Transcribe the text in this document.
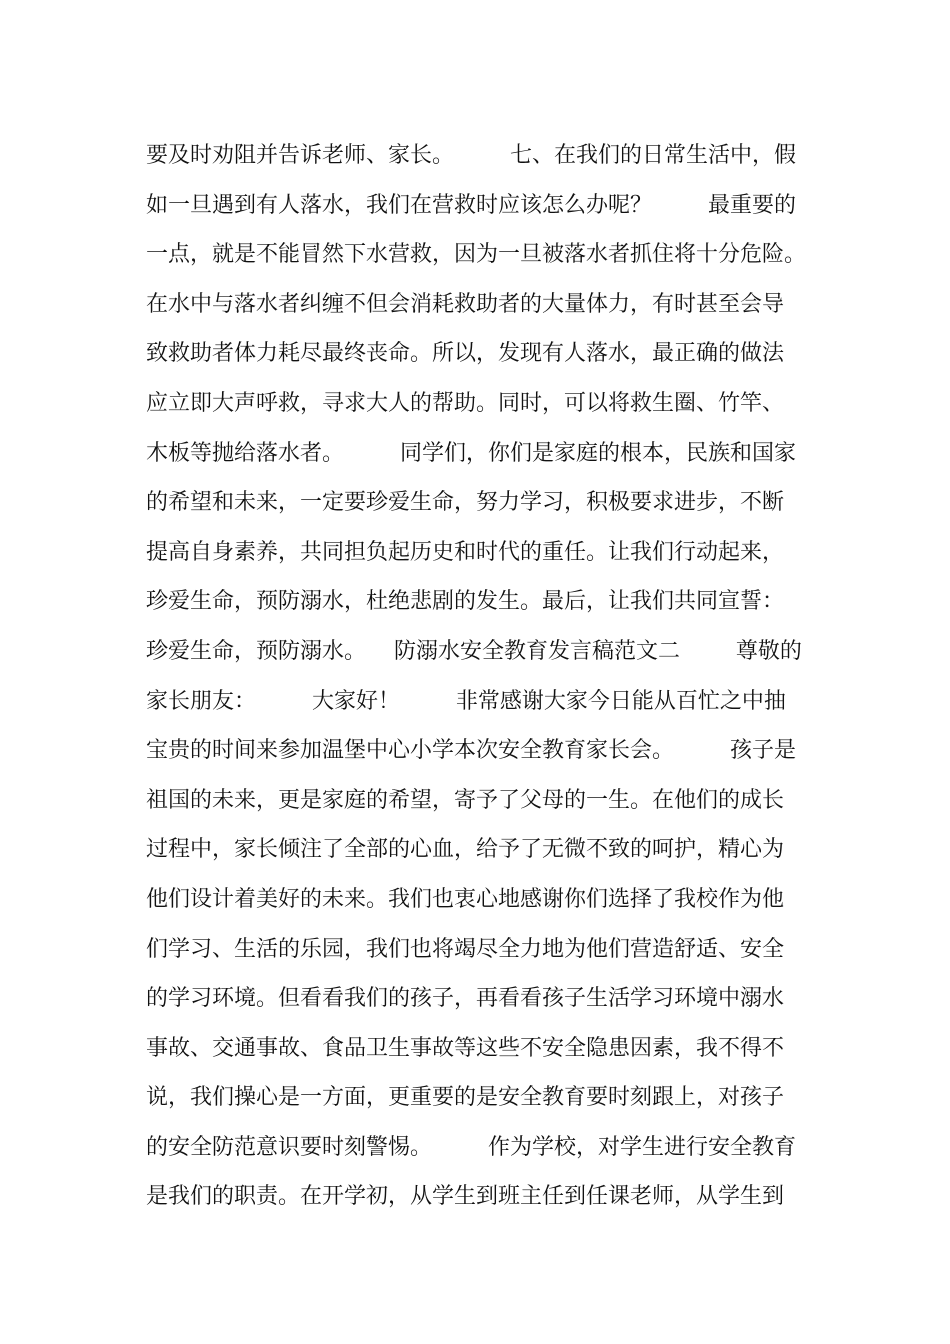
要及时劝阻并告诉老师、家长。        七、在我们的日常生活中，假
如一旦遇到有人落水，我们在营救时应该怎么办呢？        最重要的
一点，就是不能冒然下水营救，因为一旦被落水者抓住将十分危险。
在水中与落水者纠缠不但会消耗救助者的大量体力，有时甚至会导
致救助者体力耗尽最终丧命。所以，发现有人落水，最正确的做法
应立即大声呼救，寻求大人的帮助。同时，可以将救生圈、竹竿、
木板等抛给落水者。        同学们，你们是家庭的根本，民族和国家
的希望和未来，一定要珍爱生命，努力学习，积极要求进步，不断
提高自身素养，共同担负起历史和时代的重任。让我们行动起来，
珍爱生命，预防溺水，杜绝悲剧的发生。最后，让我们共同宣誓：
珍爱生命，预防溺水。    防溺水安全教育发言稿范文二        尊敬的
家长朋友：        大家好！        非常感谢大家今日能从百忙之中抽
宝贵的时间来参加温堡中心小学本次安全教育家长会。        孩子是
祖国的未来，更是家庭的希望，寄予了父母的一生。在他们的成长
过程中，家长倾注了全部的心血，给予了无微不致的呵护，精心为
他们设计着美好的未来。我们也衷心地感谢你们选择了我校作为他
们学习、生活的乐园，我们也将竭尽全力地为他们营造舒适、安全
的学习环境。但看看我们的孩子，再看看孩子生活学习环境中溺水
事故、交通事故、食品卫生事故等这些不安全隐患因素，我不得不
说，我们操心是一方面，更重要的是安全教育要时刻跟上，对孩子
的安全防范意识要时刻警惕。        作为学校，对学生进行安全教育
是我们的职责。在开学初，从学生到班主任到任课老师，从学生到
